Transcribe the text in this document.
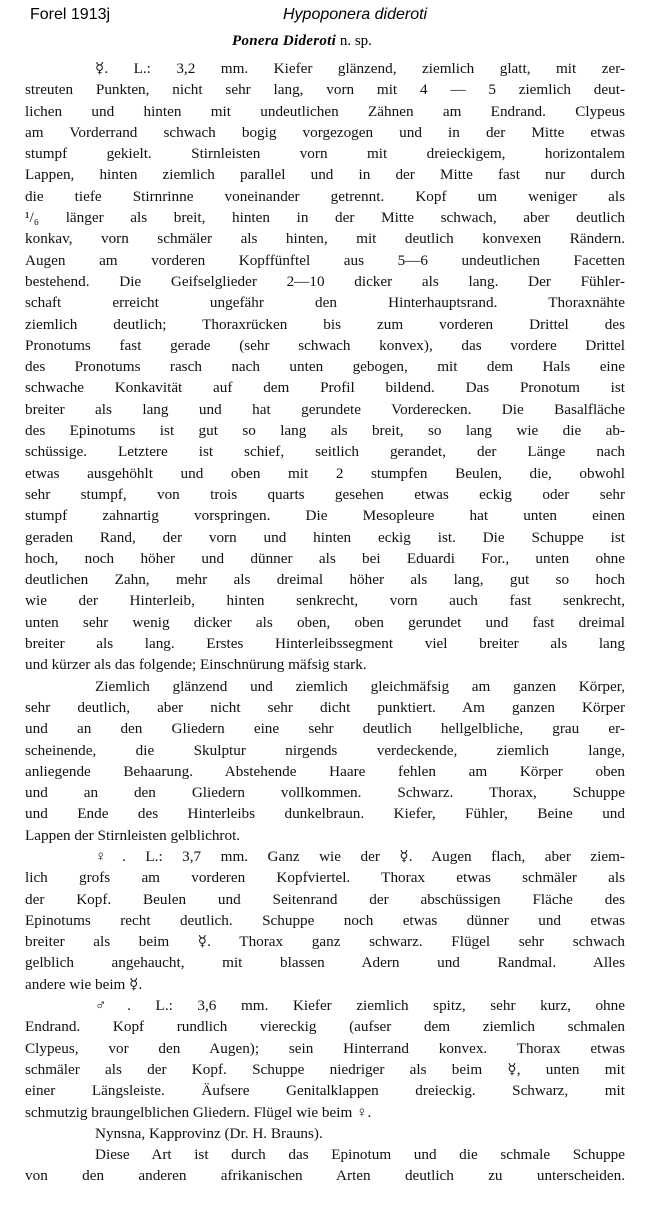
Forel 1913j	Hypoponera dideroti
Ponera Dideroti n. sp.
☿. L.: 3,2 mm. Kiefer glänzend, ziemlich glatt, mit zer-
streuten Punkten, nicht sehr lang, vorn mit 4 — 5 ziemlich deut-
lichen und hinten mit undeutlichen Zähnen am Endrand. Clypeus
am Vorderrand schwach bogig vorgezogen und in der Mitte etwas
stumpf gekielt. Stirnleisten vorn mit dreieckigem, horizontalem
Lappen, hinten ziemlich parallel und in der Mitte fast nur durch
die tiefe Stirnrinne voneinander getrennt. Kopf um weniger als
¹/₆ länger als breit, hinten in der Mitte schwach, aber deutlich
konkav, vorn schmäler als hinten, mit deutlich konvexen Rändern.
Augen am vorderen Kopffünftel aus 5—6 undeutlichen Facetten
bestehend. Die Geifselglieder 2—10 dicker als lang. Der Fühler-
schaft erreicht ungefähr den Hinterhauptsrand. Thoraxnähte
ziemlich deutlich; Thoraxrücken bis zum vorderen Drittel des
Pronotums fast gerade (sehr schwach konvex), das vordere Drittel
des Pronotums rasch nach unten gebogen, mit dem Hals eine
schwache Konkavität auf dem Profil bildend. Das Pronotum ist
breiter als lang und hat gerundete Vorderecken. Die Basalfläche
des Epinotums ist gut so lang als breit, so lang wie die ab-
schüssige. Letztere ist schief, seitlich gerandet, der Länge nach
etwas ausgehöhlt und oben mit 2 stumpfen Beulen, die, obwohl
sehr stumpf, von trois quarts gesehen etwas eckig oder sehr
stumpf zahnartig vorspringen. Die Mesopleure hat unten einen
geraden Rand, der vorn und hinten eckig ist. Die Schuppe ist
hoch, noch höher und dünner als bei Eduardi For., unten ohne
deutlichen Zahn, mehr als dreimal höher als lang, gut so hoch
wie der Hinterleib, hinten senkrecht, vorn auch fast senkrecht,
unten sehr wenig dicker als oben, oben gerundet und fast dreimal
breiter als lang. Erstes Hinterleibssegment viel breiter als lang
und kürzer als das folgende; Einschnürung mäfsig stark.
Ziemlich glänzend und ziemlich gleichmäfsig am ganzen Körper,
sehr deutlich, aber nicht sehr dicht punktiert. Am ganzen Körper
und an den Gliedern eine sehr deutlich hellgelbliche, grau er-
scheinende, die Skulptur nirgends verdeckende, ziemlich lange,
anliegende Behaarung. Abstehende Haare fehlen am Körper oben
und an den Gliedern vollkommen. Schwarz. Thorax, Schuppe
und Ende des Hinterleibs dunkelbraun. Kiefer, Fühler, Beine und
Lappen der Stirnleisten gelblichrot.
♀. L.: 3,7 mm. Ganz wie der ☿. Augen flach, aber ziem-
lich grofs am vorderen Kopfviertel. Thorax etwas schmäler als
der Kopf. Beulen und Seitenrand der abschüssigen Fläche des
Epinotums recht deutlich. Schuppe noch etwas dünner und etwas
breiter als beim ☿. Thorax ganz schwarz. Flügel sehr schwach
gelblich angehaucht, mit blassen Adern und Randmal. Alles
andere wie beim ☿.
♂. L.: 3,6 mm. Kiefer ziemlich spitz, sehr kurz, ohne
Endrand. Kopf rundlich viereckig (aufser dem ziemlich schmalen
Clypeus, vor den Augen); sein Hinterrand konvex. Thorax etwas
schmäler als der Kopf. Schuppe niedriger als beim ☿, unten mit
einer Längsleiste. Äufsere Genitalklappen dreieckig. Schwarz, mit
schmutzig braungelblichen Gliedern. Flügel wie beim ♀.
Nynsna, Kapprovinz (Dr. H. Brauns).
Diese Art ist durch das Epinotum und die schmale Schuppe
von den anderen afrikanischen Arten deutlich zu unterscheiden.
